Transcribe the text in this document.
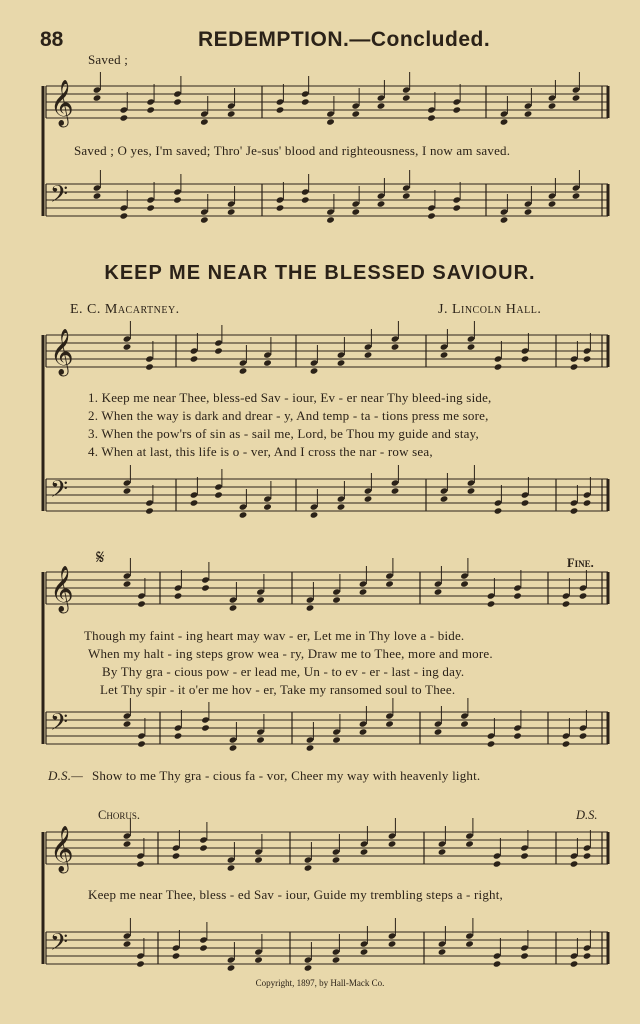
𝄞
𝄢
𝄞
𝄢
𝄞
𝄢
𝄞
𝄢
88	REDEMPTION.—Concluded.
Saved ;
Saved ; O yes, I'm saved; Thro' Je-sus' blood and righteousness, I now am saved.
KEEP ME NEAR THE BLESSED SAVIOUR.
E. C. Macartney.	J. Lincoln Hall.
1. Keep me near Thee, bless-ed Sav - iour, Ev - er near Thy bleed-ing side,
2. When the way is dark and drear - y, And temp - ta - tions press me sore,
3. When the pow'rs of sin as - sail me, Lord, be Thou my guide and stay,
4. When at last, this life is o - ver, And I cross the nar - row sea,
𝄋	Fine.
Though my faint - ing heart may wav - er, Let me in Thy love a - bide.
When my halt - ing steps grow wea - ry, Draw me to Thee, more and more.
By Thy gra - cious pow - er lead me, Un - to ev - er - last - ing day.
Let Thy spir - it o'er me hov - er, Take my ransomed soul to Thee.
D.S.— Show to me Thy gra - cious fa - vor, Cheer my way with heavenly light.
Chorus.	D.S.
Keep me near Thee, bless - ed Sav - iour, Guide my trembling steps a - right,
Copyright, 1897, by Hall-Mack Co.
